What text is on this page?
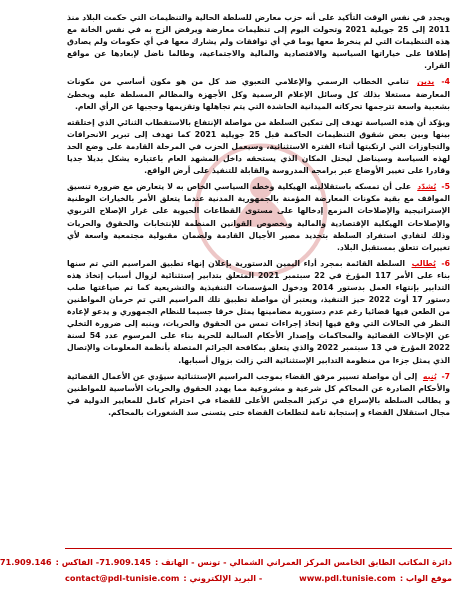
ويجدد في نفس الوقت التأكيد على أنه حزب معارض للسلطة الحالية والتنظيمات التي حكمت البلاد منذ 2011 إلى 25 جويلية 2021 وتحولت اليوم إلى تنظيمات معارضة ويرفض الزج به في نفس الخانة مع هذه التنظيمات التي لم ينخرط معها يوما في أي توافقات ولم يشارك معها في أي حكومات ولم يصادق إطلاقا على خياراتها السياسية والاقتصادية والمالية والاجتماعية، وطالما ناضل لإبعادها عن مواقع القرار.

4- يدين تنامي الخطاب الرسمي والإعلامي التعبوي ضد كل من هو مكون أساسي من مكونات المعارضة مستغلا بذلك كل وسائل الإعلام الرسمية وكل الأجهزة والمظالم المسلطة عليه ويخطئ بشعبية واسعة تترجمها تحركاته الميدانية الحاشدة التي يتم تجاهلها وتقزيمها وحجبها عن الرأي العام.

ويؤكد أن هذه السياسة تهدف إلى تمكين السلطة من مواصلة الإنتفاع بالاستقطاب الثنائي الذي إختلقته بينها وبين بعض شقوق التنظيمات الحاكمة قبل 25 جويلية 2021 كما تهدف إلى تبرير الانحرافات والتجاوزات التي ارتكبتها أثناء الفترة الاستثنائية، وسيعمل الحزب في المرحلة القادمة على وضع الحد لهذه السياسة وسيناضل ليحتل المكان الذي يستحقه داخل المشهد العام باعتباره يشكل بديلا جديا وقادرا على تغيير الأوضاع عبر برامجه المدروسة والقابلة للتنفيذ على أرض الواقع.

5- يُشدّد على أن تمسكه باستقلاليته الهيكلية وخطه السياسي الخاص به لا يتعارض مع ضرورة تنسيق المواقف مع بقية مكونات المعارضة المؤمنة بالجمهورية المدنية عندما يتعلق الأمر بالخيارات الوطنية الإستراتيجية والإصلاحات المزمع إدخالها على مستوى القطاعات الحيوية على غرار الإصلاح التربوي والإصلاحات الهيكلية الإقتصادية والمالية وبخصوص القوانين المنظمة للإنتخابات والحقوق والحريات وذلك لتفادي استفراد السلطة بتحديد مصير الأجيال القادمة ولضمان مقبولية مجتمعية واسعة لأي تغييرات تتعلق بمستقبل البلاد.

6- يُطالب السلطة القائمة بمجرد أداء اليمين الدستورية بإعلان إنهاء تطبيق المراسيم التي تم سنها بناء على الأمر 117 المؤرخ في 22 سبتمبر 2021 المتعلق بتدابير إستثنائية لزوال أسباب إتخاذ هذه التدابير بإنتهاء العمل بدستور 2014 ودخول المؤسسات التنفيذية والتشريعية كما تم صياغتها صلب دستور 17 أوت 2022 حيز التنفيذ، ويعتبر أن مواصلة تطبيق تلك المراسيم التي تم حرمان المواطنين من الطعن فيها قضائيا رغم عدم دستورية مضامينها يمثل خرقا جسيما للنظام الجمهوري و يدعو لإعادة النظر في الحالات التي وقع فيها إتخاذ إجراءات تمس من الحقوق والحريات، وينبه إلى ضرورة التخلي عن الإحالات القضائية والمحاكمات وإصدار الأحكام السالبة للحرية بناء على المرسوم عدد 54 لسنة 2022 المؤرخ في 13 سبتمبر 2022 والذي يتعلق بمكافحة الجرائم المتصلة بأنظمة المعلومات والإتصال الذي يمثل جزءا من منظومة التدابير الإستثنائية التي زالت بزوال أسبابها.

7- يُنبه إلى أن مواصلة تسيير مرفق القضاء بموجب المراسيم الإستثنائية سيؤدي عن الأعمال القضائية والأحكام الصادرة عن المحاكم كل شرعية و مشروعية مما يهدد الحقوق والحريات الأساسية للمواطنين و يطالب السلطة بالإسراع في تركيز المجلس الأعلى للقضاء في احترام كامل للمعايير الدولية في مجال استقلال القضاء و إستجابة تامة لتطلعات القضاة حتى يتسنى سد الشغورات بالمحاكم.

دائرة المكاتب الطابق الخامس المركز العمراني الشمالي - تونس - الهاتف :
71.909.145
- الفاكس :
71.909.146
موقع الواب :
www.pdl.tunisie.com
- البريد الإلكتروني :
contact@pdl-tunisie.com
